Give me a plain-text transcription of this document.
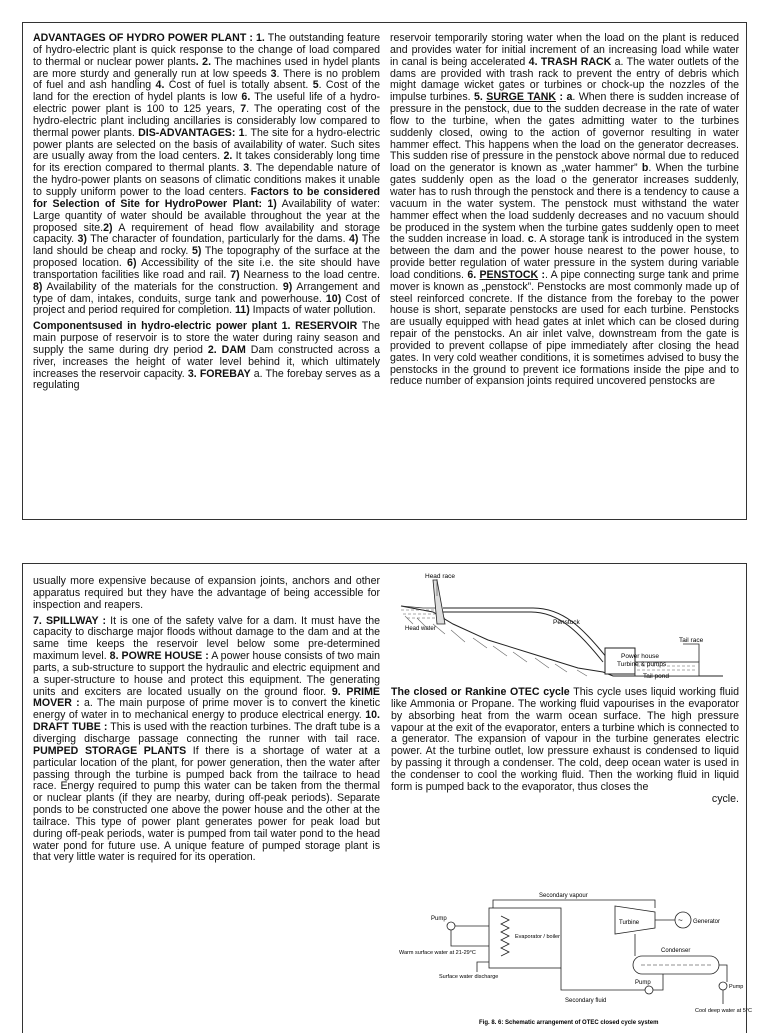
ADVANTAGES OF HYDRO POWER PLANT : 1. The outstanding feature of hydro-electric plant is quick response to the change of load compared to thermal or nuclear power plants. 2. The machines used in hydel plants are more sturdy and generally run at low speeds 3. There is no problem of fuel and ash handling 4. Cost of fuel is totally absent. 5. Cost of the land for the erection of hydel plants is low 6. The useful life of a hydro-electric power plant is 100 to 125 years, 7. The operating cost of the hydro-electric plant including ancillaries is considerably low compared to thermal power plants. DIS-ADVANTAGES: 1. The site for a hydro-electric power plants are selected on the basis of availability of water. Such sites are usually away from the load centers. 2. It takes considerably long time for its erection compared to thermal plants. 3. The dependable nature of the hydro-power plants on seasons of climatic conditions makes it unable to supply uniform power to the load centers. Factors to be considered for Selection of Site for HydroPower Plant: 1) Availability of water: Large quantity of water should be available throughout the year at the proposed site.2) A requirement of head flow availability and storage capacity. 3) The character of foundation, particularly for the dams. 4) The land should be cheap and rocky. 5) The topography of the surface at the proposed location. 6) Accessibility of the site i.e. the site should have transportation facilities like road and rail. 7) Nearness to the load centre. 8) Availability of the materials for the construction. 9) Arrangement and type of dam, intakes, conduits, surge tank and powerhouse. 10) Cost of project and period required for completion. 11) Impacts of water pollution.

Componentsused in hydro-electric power plant 1. RESERVOIR The main purpose of reservoir is to store the water during rainy season and supply the same during dry period 2. DAM Dam constructed across a river, increases the height of water level behind it, which ultimately increases the reservoir capacity. 3. FOREBAY a. The forebay serves as a regulating

reservoir temporarily storing water when the load on the plant is reduced and provides water for initial increment of an increasing load while water in canal is being accelerated 4. TRASH RACK a. The water outlets of the dams are provided with trash rack to prevent the entry of debris which might damage wicket gates or turbines or chock-up the nozzles of the impulse turbines. 5. SURGE TANK : a. When there is sudden increase of pressure in the penstock, due to the sudden decrease in the rate of water flow to the turbine, when the gates admitting water to the turbines suddenly closed, owing to the action of governor resulting in water hammer effect. This happens when the load on the generator decreases. This sudden rise of pressure in the penstock above normal due to reduced load on the generator is known as „water hammer” b. When the turbine gates suddenly open as the load o the generator increases suddenly, water has to rush through the penstock and there is a tendency to cause a vacuum in the water system. The penstock must withstand the water hammer effect when the load suddenly decreases and no vacuum should be produced in the system when the turbine gates suddenly open to meet the sudden increase in load. c. A storage tank is introduced in the system between the dam and the power house nearest to the power house, to provide better regulation of water pressure in the system during variable load conditions. 6. PENSTOCK :. A pipe connecting surge tank and prime mover is known as „penstock”. Penstocks are most commonly made up of steel reinforced concrete. If the distance from the forebay to the power house is short, separate penstocks are used for each turbine. Penstocks are usually equipped with head gates at inlet which can be closed during repair of the penstocks. An air inlet valve, downstream from the gate is provided to prevent collapse of pipe immediately after closing the head gates. In very cold weather conditions, it is sometimes advised to busy the penstocks in the ground to prevent ice formations inside the pipe and to reduce number of expansion joints required uncovered penstocks are

usually more expensive because of expansion joints, anchors and other apparatus required but they have the advantage of being accessible for inspection and reapers.

7. SPILLWAY : It is one of the safety valve for a dam. It must have the capacity to discharge major floods without damage to the dam and at the same time keeps the reservoir level below some pre-determined maximum level. 8. POWRE HOUSE : A power house consists of two main parts, a sub-structure to support the hydraulic and electric equipment and a super-structure to house and protect this equipment. The generating units and exciters are located usually on the ground floor. 9. PRIME MOVER : a. The main purpose of prime mover is to convert the kinetic energy of water in to mechanical energy to produce electrical energy. 10. DRAFT TUBE : This is used with the reaction turbines. The draft tube is a diverging discharge passage connecting the runner with tail race. PUMPED STORAGE PLANTS If there is a shortage of water at a particular location of the plant, for power generation, then the water after passing through the turbine is pumped back from the tailrace to head race. Energy required to pump this water can be taken from the thermal or nuclear plants (if they are nearby, during off-peak periods). Separate ponds to be constructed one above the power house and the other at the tailrace. This type of power plant generates power for peak load but during off-peak periods, water is pumped from tail water pond to the head water pond for future use. A unique feature of pumped storage plant is that very little water is required for its operation.

Head race
Head water
Penstock
Tail race
Power house
Turbine & pumps
Tail pond

The closed or Rankine OTEC cycle This cycle uses liquid working fluid like Ammonia or Propane. The working fluid vapourises in the evaporator by absorbing heat from the warm ocean surface. The high pressure vapour at the exit of the evaporator, enters a turbine which is connected to a generator. The expansion of vapour in the turbine generates electric power. At the turbine outlet, low pressure exhaust is condensed to liquid by passing it through a condenser. The cold, deep ocean water is used in the condenser to cool the working fluid. Then the working fluid in liquid form is pumped back to the evaporator, thus closes the

cycle.

Secondary vapour
Evaporator / boiler
Pump
Warm surface water at 21-29°C
Surface water discharge
Turbine	~ Generator
Condenser
Pump
Secondary fluid
Pump
Cool deep water at 5°C
Fig. 8. 6: Schematic arrangement of OTEC closed cycle system
